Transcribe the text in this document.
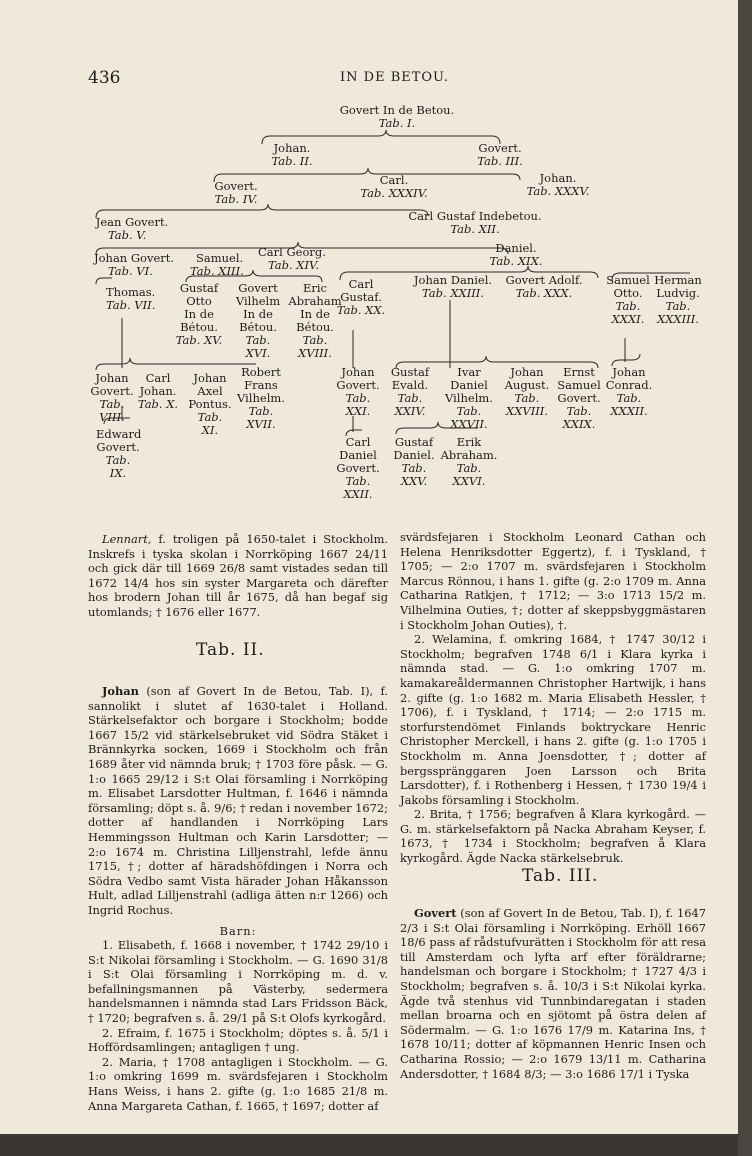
436	IN DE BETOU.
Govert In de Betou.
Tab. I.
Johan.
Tab. II.
Govert.
Tab. III.
Govert.
Tab. IV.
Carl.
Tab. XXXIV.
Johan.
Tab. XXXV.
Jean Govert.
Tab. V.
Carl Gustaf Indebetou.
Tab. XII.
Johan Govert.
Tab. VI.
Samuel.
Tab. XIII.
Carl Georg.
Tab. XIV.
Daniel.
Tab. XIX.
Thomas.
Tab. VII.
Gustaf
Otto
In de
Bétou.
Tab. XV.
Govert
Vilhelm
In de
Bétou.
Tab.
XVI.
Eric
Abraham
In de
Bétou.
Tab.
XVIII.
Carl
Gustaf.
Tab. XX.
Johan Daniel.
Tab. XXIII.
Govert Adolf.
Tab. XXX.
Samuel
Otto.
Tab.
XXXI.
Herman
Ludvig.
Tab.
XXXIII.
Johan
Govert.
Tab.
VIII.
Carl
Johan.
Tab. X.
Johan
Axel
Pontus.
Tab.
XI.
Robert
Frans
Vilhelm.
Tab.
XVII.
Johan
Govert.
Tab.
XXI.
Gustaf
Evald.
Tab.
XXIV.
Ivar
Daniel
Vilhelm.
Tab.
XXVII.
Johan
August.
Tab.
XXVIII.
Ernst
Samuel
Govert.
Tab.
XXIX.
Johan
Conrad.
Tab.
XXXII.
Edward
Govert.
Tab.
IX.
Carl
Daniel
Govert.
Tab.
XXII.
Gustaf
Daniel.
Tab.
XXV.
Erik
Abraham.
Tab.
XXVI.

Lennart, f. troligen på 1650-talet i Stockholm. Inskrefs i tyska skolan i Norrköping 1667 24/11 och gick där till 1669 26/8 samt vistades sedan till 1672 14/4 hos sin syster Margareta och därefter hos brodern Johan till år 1675, då han begaf sig utomlands; † 1676 eller 1677.

Tab. II.

Johan (son af Govert In de Betou, Tab. I), f. sannolikt i slutet af 1630-talet i Holland. Stärkelsefaktor och borgare i Stockholm; bodde 1667 15/2 vid stärkelsebruket vid Södra Stäket i Brännkyrka socken, 1669 i Stockholm och från 1689 åter vid nämnda bruk; † 1703 före påsk. — G. 1:o 1665 29/12 i S:t Olai församling i Norrköping m. Elisabet Larsdotter Hultman, f. 1646 i nämnda församling; döpt s. å. 9/6; † redan i november 1672; dotter af handlanden i Norrköping Lars Hemmingsson Hultman och Karin Larsdotter; — 2:o 1674 m. Christina Lilljenstrahl, lefde ännu 1715, †; dotter af häradshöfdingen i Norra och Södra Vedbo samt Vista härader Johan Håkansson Hult, adlad Lilljenstrahl (adliga ätten n:r 1266) och Ingrid Rochus.

Barn:

1. Elisabeth, f. 1668 i november, † 1742 29/10 i S:t Nikolai församling i Stockholm. — G. 1690 31/8 i S:t Olai församling i Norrköping m. d. v. befallningsmannen på Västerby, sedermera handelsmannen i nämnda stad Lars Fridsson Bäck, † 1720; begrafven s. å. 29/1 på S:t Olofs kyrkogård.

2. Efraim, f. 1675 i Stockholm; döptes s. å. 5/1 i Hoffördsamlingen; antagligen † ung.

2. Maria, † 1708 antagligen i Stockholm. — G. 1:o omkring 1699 m. svärdsfejaren i Stockholm Hans Weiss, i hans 2. gifte (g. 1:o 1685 21/8 m. Anna Margareta Cathan, f. 1665, † 1697; dotter af

svärdsfejaren i Stockholm Leonard Cathan och Helena Henriksdotter Eggertz), f. i Tyskland, † 1705; — 2:o 1707 m. svärdsfejaren i Stockholm Marcus Rönnou, i hans 1. gifte (g. 2:o 1709 m. Anna Catharina Ratkjen, † 1712; — 3:o 1713 15/2 m. Vilhelmina Outies, †; dotter af skeppsbyggmästaren i Stockholm Johan Outies), †.

2. Welamina, f. omkring 1684, † 1747 30/12 i Stockholm; begrafven 1748 6/1 i Klara kyrka i nämnda stad. — G. 1:o omkring 1707 m. kamakareåldermannen Christopher Hartwijk, i hans 2. gifte (g. 1:o 1682 m. Maria Elisabeth Hessler, † 1706), f. i Tyskland, † 1714; — 2:o 1715 m. storfurstendömet Finlands boktryckare Henric Christopher Merckell, i hans 2. gifte (g. 1:o 1705 i Stockholm m. Anna Joensdotter, †; dotter af bergsspränggaren Joen Larsson och Brita Larsdotter), f. i Rothenberg i Hessen, † 1730 19/4 i Jakobs församling i Stockholm.

2. Brita, † 1756; begrafven å Klara kyrkogård. — G. m. stärkelsefaktorn på Nacka Abraham Keyser, f. 1673, † 1734 i Stockholm; begrafven å Klara kyrkogård. Ägde Nacka stärkelsebruk.

Tab. III.

Govert (son af Govert In de Betou, Tab. I), f. 1647 2/3 i S:t Olai församling i Norrköping. Erhöll 1667 18/6 pass af rådstufvurätten i Stockholm för att resa till Amsterdam och lyfta arf efter föräldrarne; handelsman och borgare i Stockholm; † 1727 4/3 i Stockholm; begrafven s. å. 10/3 i S:t Nikolai kyrka. Ägde två stenhus vid Tunnbindaregatan i staden mellan broarna och en sjötomt på östra delen af Södermalm. — G. 1:o 1676 17/9 m. Katarina Ins, † 1678 10/11; dotter af köpmannen Henric Insen och Catharina Rossio; — 2:o 1679 13/11 m. Catharina Andersdotter, † 1684 8/3; — 3:o 1686 17/1 i Tyska
